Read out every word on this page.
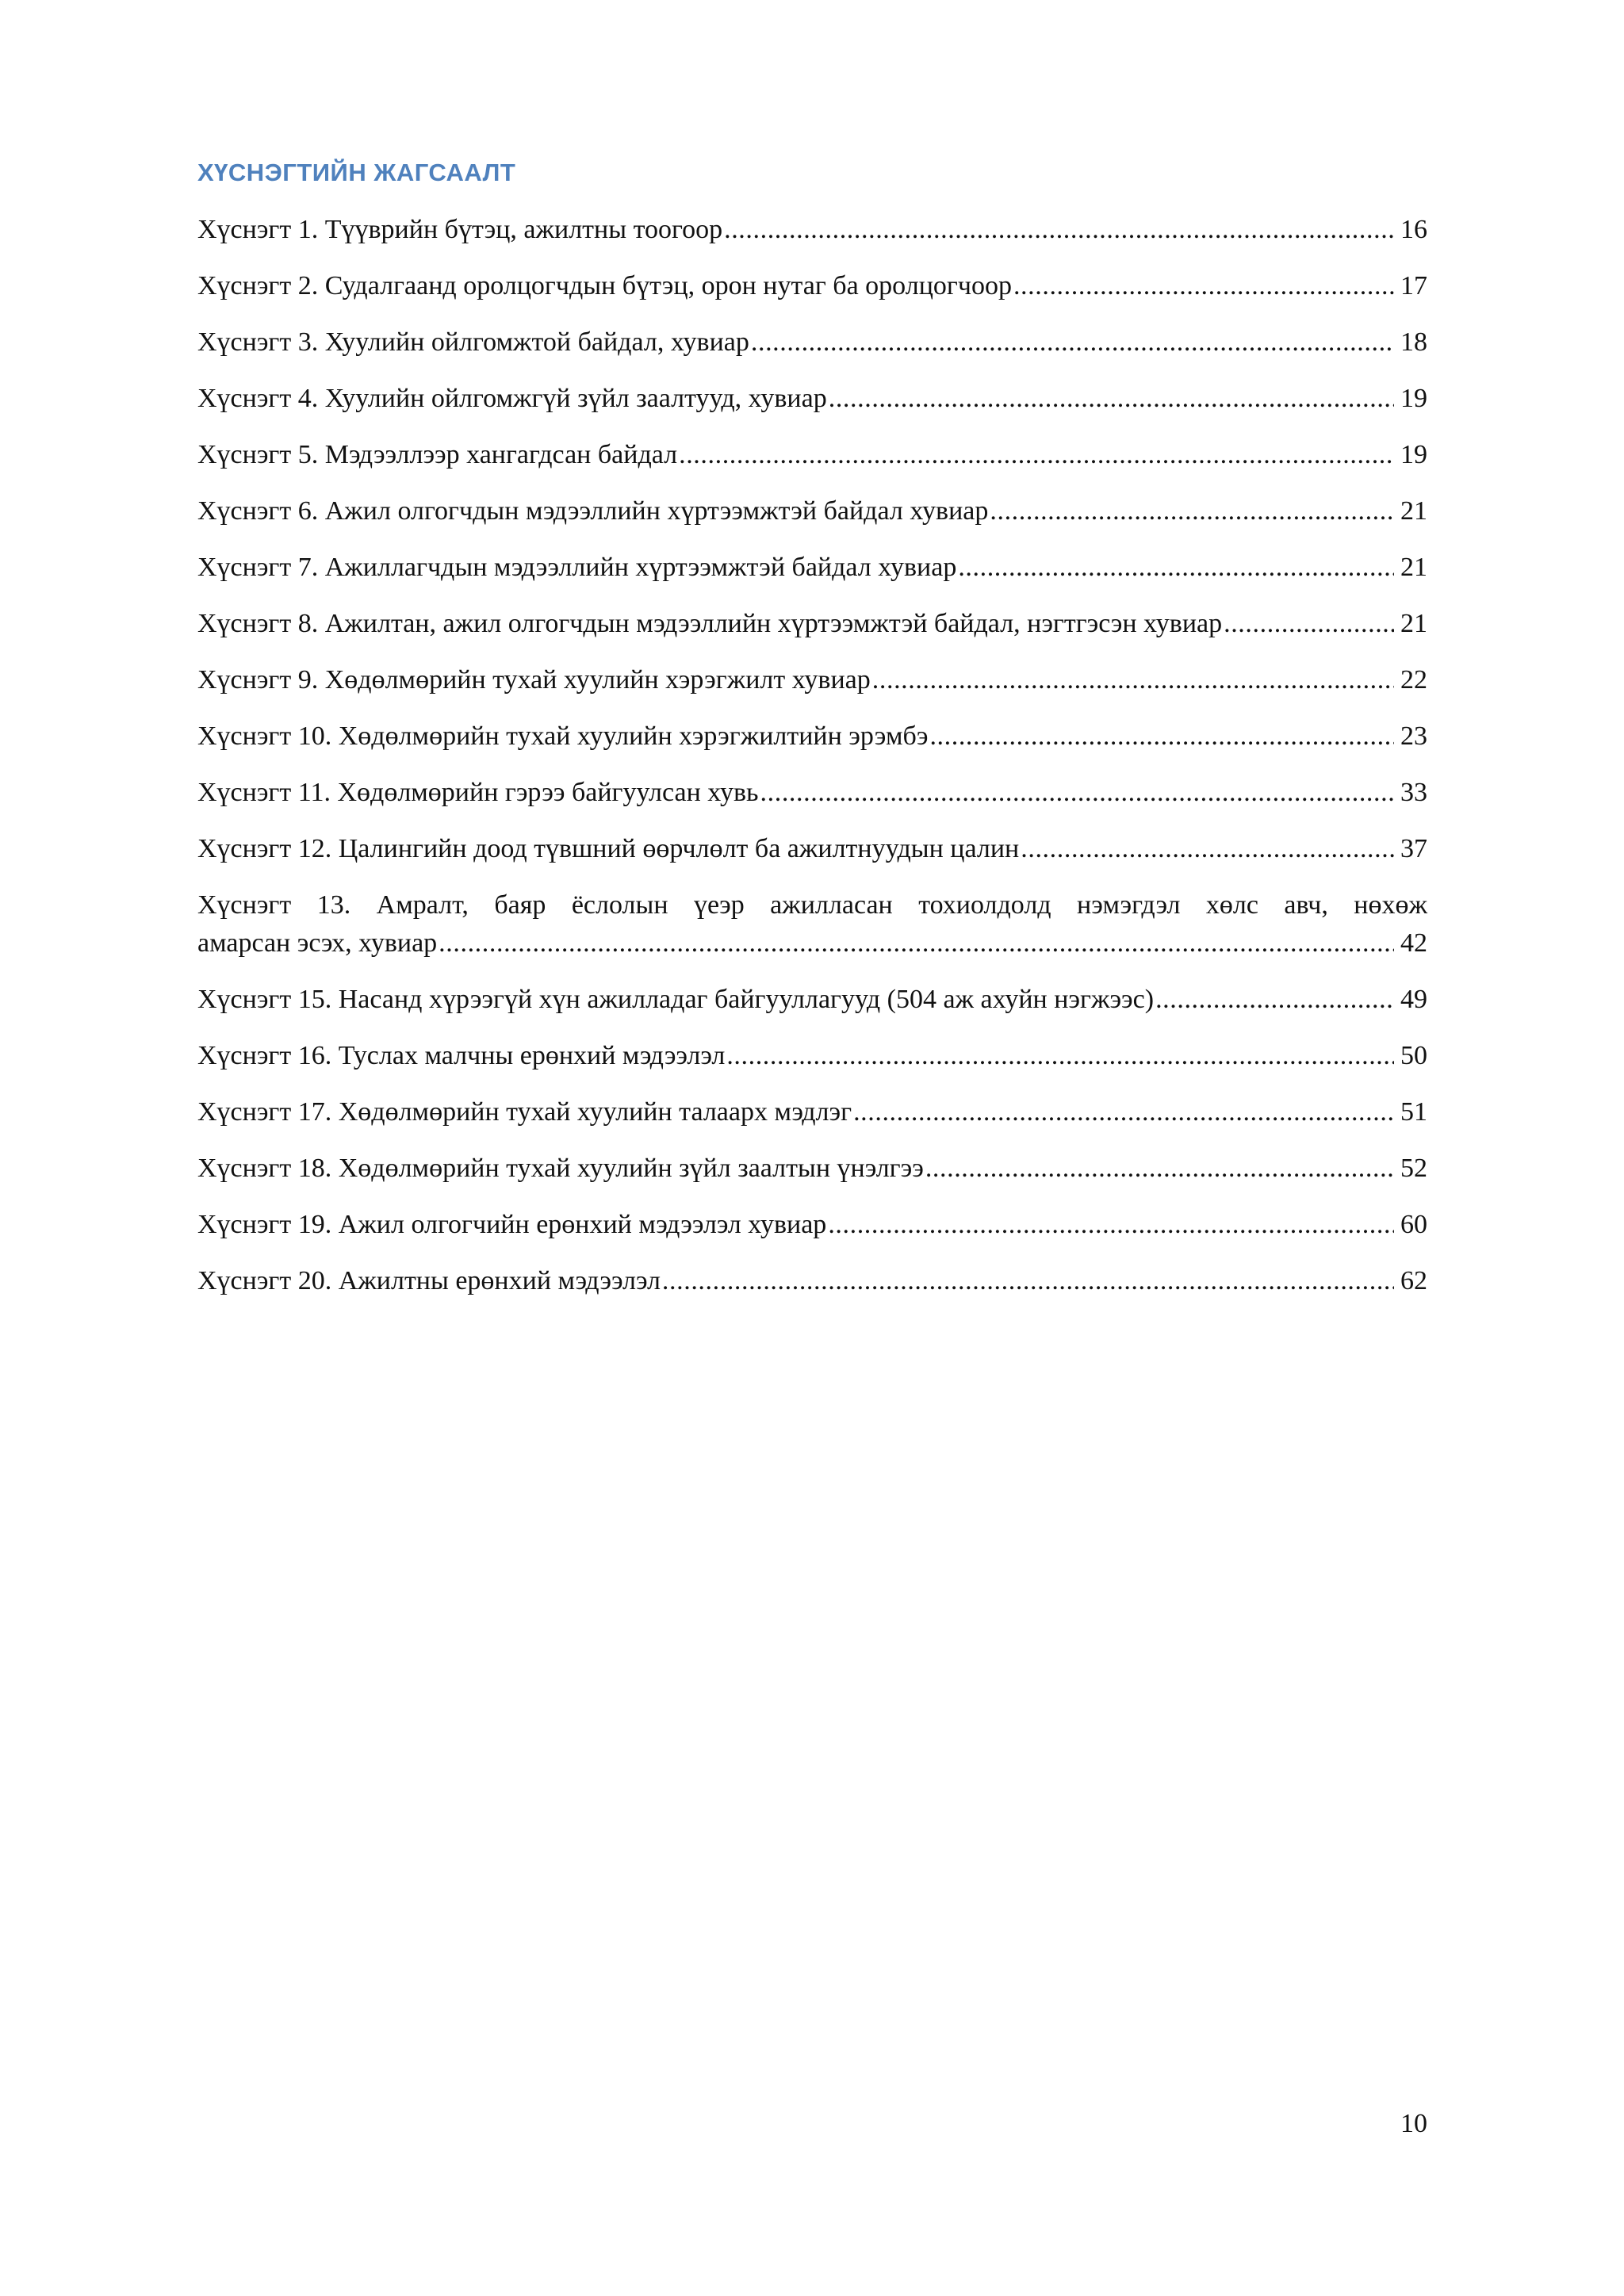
ХҮСНЭГТИЙН ЖАГСААЛТ
Хүснэгт 1. Түүврийн бүтэц, ажилтны тоогоор .....	16
Хүснэгт 2. Судалгаанд оролцогчдын бүтэц, орон нутаг ба оролцогчоор .....	17
Хүснэгт 3. Хуулийн ойлгомжтой байдал, хувиар .....	18
Хүснэгт 4. Хуулийн ойлгомжгүй зүйл заалтууд, хувиар .....	19
Хүснэгт 5. Мэдээллээр хангагдсан байдал .....	19
Хүснэгт 6. Ажил олгогчдын мэдээллийн хүртээмжтэй байдал хувиар .....	21
Хүснэгт 7. Ажиллагчдын мэдээллийн хүртээмжтэй байдал хувиар .....	21
Хүснэгт 8. Ажилтан, ажил олгогчдын мэдээллийн хүртээмжтэй байдал, нэгтгэсэн хувиар .....	21
Хүснэгт 9. Хөдөлмөрийн тухай хуулийн хэрэгжилт хувиар .....	22
Хүснэгт 10. Хөдөлмөрийн тухай хуулийн хэрэгжилтийн эрэмбэ .....	23
Хүснэгт 11. Хөдөлмөрийн гэрээ байгуулсан хувь .....	33
Хүснэгт 12. Цалингийн доод түвшний өөрчлөлт ба ажилтнуудын цалин .....	37
Хүснэгт 13. Амралт, баяр ёслолын үеэр ажилласан тохиолдолд нэмэгдэл хөлс авч, нөхөж
амарсан эсэх, хувиар .....	42
Хүснэгт 15. Насанд хүрээгүй хүн ажилладаг байгууллагууд (504 аж ахуйн нэгжээс) .....	49
Хүснэгт 16. Туслах малчны ерөнхий мэдээлэл .....	50
Хүснэгт 17. Хөдөлмөрийн тухай хуулийн талаарх мэдлэг .....	51
Хүснэгт 18. Хөдөлмөрийн тухай хуулийн зүйл заалтын үнэлгээ .....	52
Хүснэгт 19. Ажил олгогчийн ерөнхий мэдээлэл хувиар .....	60
Хүснэгт 20. Ажилтны ерөнхий мэдээлэл .....	62
10
